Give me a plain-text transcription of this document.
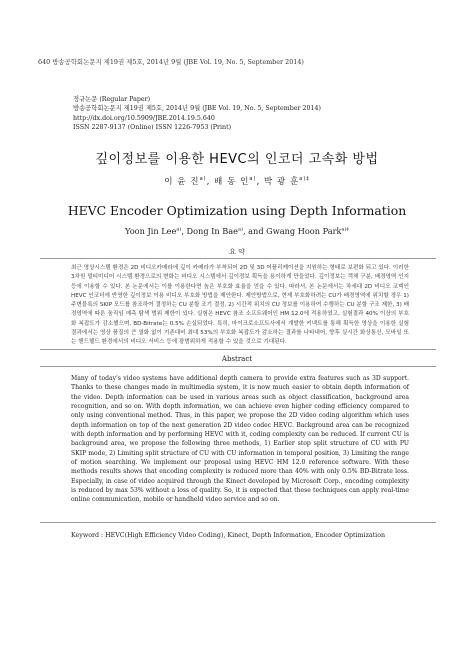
640 방송공학회논문지 제19권 제5호, 2014년 9월 (JBE Vol. 19, No. 5, September 2014)
정규논문 (Regular Paper)
방송공학회논문지 제19권 제5호, 2014년 9월 (JBE Vol. 19, No. 5, September 2014)
http://dx.doi.org/10.5909/JBE.2014.19.5.640
ISSN 2287-9137 (Online) ISSN 1226-7953 (Print)
깊이정보를 이용한 HEVC의 인코더 고속화 방법
이 윤 진$^{a)}$, 배 동 인$^{a)}$, 박 광 훈$^{a)\ddagger}$
HEVC Encoder Optimization using Depth Information
Yoon Jin Lee$^{a)}$, Dong In Bae$^{a)}$, and Gwang Hoon Park$^{a)\ddagger}$
요 약
최근 영상시스템 환경은 2D 비디오카메라에 깊이 카메라가 부착되어 2D 및 3D 어플리케이션을 지원하는 형태로 보편화 되고 있다. 이러한 3차원 멀티미디어 시스템 환경으로의 변화는 비디오 시스템에서 깊이정보 획득을 용이하게 만들었다. 깊이정보는 객체 구분, 배경영역 인지 등에 이용할 수 있다. 본 논문에서는 이를 이용한다면 높은 부호화 효율을 얻을 수 있다. 따라서, 본 논문에서는 차세대 2D 비디오 코덱인 HEVC 인코더에 반영한 깊이정보 이용 비디오 부호화 방법을 제안한다. 제안방법으로, 현재 부호화하려는 CU가 배경영역에 위치할 경우 1) 주변블록의 SKIP 모드를 참조하여 결정하는 CU 분할 조기 결정, 2) 시간적 위치의 CU 정보를 이용하여 수행하는 CU 분할 구조 제한, 3) 배경영역에 따른 움직임 예측 탐색 범위 제한이 있다. 실험은 HEVC 참조 소프트웨어인 HM 12.0에 적용하였고, 실험결과 40% 이상의 부호화 복잡도가 감소했으며, BD-Bitrate는 0.5% 손실되었다. 특히, 마이크로소프트사에서 개발한 키넥트를 통해 획득한 영상을 이용한 실험 결과에서는 영상 품질의 큰 열화 없이 기존대비 최대 53%의 부호화 복잡도가 감소하는 결과를 나타내어, 향후 실시간 화상통신, 모바일 또는 핸드헬드 환경에서의 비디오 서비스 등에 광범위하게 적용할 수 있을 것으로 기대된다.
Abstract
Many of today's video systems have additional depth camera to provide extra features such as 3D support. Thanks to these changes made in multimedia system, it is now much easier to obtain depth information of the video. Depth information can be used in various areas such as object classification, background area recognition, and so on. With depth information, we can achieve even higher coding efficiency compared to only using conventional method. Thus, in this paper, we propose the 2D video coding algorithm which uses depth information on top of the next generation 2D video codec HEVC. Background area can be recognized with depth information and by performing HEVC with it, coding complexity can be reduced. If current CU is background area, we propose the following three methods, 1) Earlier stop split structure of CU with PU SKIP mode, 2) Limiting split structure of CU with CU information in temporal position, 3) Limiting the range of motion searching. We implement our proposal using HEVC HM 12.0 reference software. With these methods results shows that encoding complexity is reduced more than 40% with only 0.5% BD-Bitrate loss. Especially, in case of video acquired through the Kinect developed by Microsoft Corp., encoding complexity is reduced by max 53% without a loss of quality. So, it is expected that these techniques can apply real-time online communication, mobile or handheld video service and so on.
Keyword : HEVC(High Efficiency Video Coding), Kinect, Depth Information, Encoder Optimization
